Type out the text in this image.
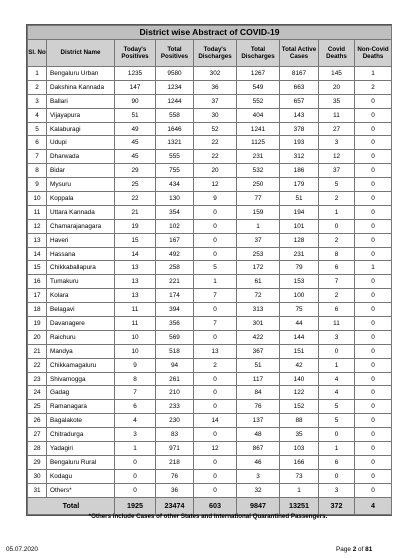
District wise Abstract of COVID-19								
Sl. No	District Name	Today's Positives	Total Positives	Today's Discharges	Total Discharges	Total Active Cases	Covid Deaths	Non-Covid Deaths
1	Bengaluru Urban	1235	9580	302	1267	8167	145	1
2	Dakshina Kannada	147	1234	36	549	663	20	2
3	Ballari	90	1244	37	552	657	35	0
4	Vijayapura	51	558	30	404	143	11	0
5	Kalaburagi	49	1646	52	1241	378	27	0
6	Udupi	45	1321	22	1125	193	3	0
7	Dharwada	45	555	22	231	312	12	0
8	Bidar	29	755	20	532	186	37	0
9	Mysuru	25	434	12	250	179	5	0
10	Koppala	22	130	9	77	51	2	0
11	Uttara Kannada	21	354	0	159	194	1	0
12	Chamarajanagara	19	102	0	1	101	0	0
13	Haveri	15	167	0	37	128	2	0
14	Hassana	14	492	0	253	231	8	0
15	Chikkaballapura	13	258	5	172	79	6	1
16	Tumakuru	13	221	1	61	153	7	0
17	Kolara	13	174	7	72	100	2	0
18	Belagavi	11	394	0	313	75	6	0
19	Davanagere	11	356	7	301	44	11	0
20	Raichuru	10	569	0	422	144	3	0
21	Mandya	10	518	13	367	151	0	0
22	Chikkamagaluru	9	94	2	51	42	1	0
23	Shivamogga	8	261	0	117	140	4	0
24	Gadag	7	210	0	84	122	4	0
25	Ramanagara	6	233	0	76	152	5	0
26	Bagalakote	4	230	14	137	88	5	0
27	Chitradurga	3	83	0	48	35	0	0
28	Yadagiri	1	971	12	867	103	1	0
29	Bengaluru Rural	0	218	0	46	166	6	0
30	Kodagu	0	76	0	3	73	0	0
31	Others*	0	36	0	32	1	3	0
Total		1925	23474	603	9847	13251	372	4
*Others include Cases of other States and International Quarantined Passengers.
05.07.2020	Page 2 of 81
